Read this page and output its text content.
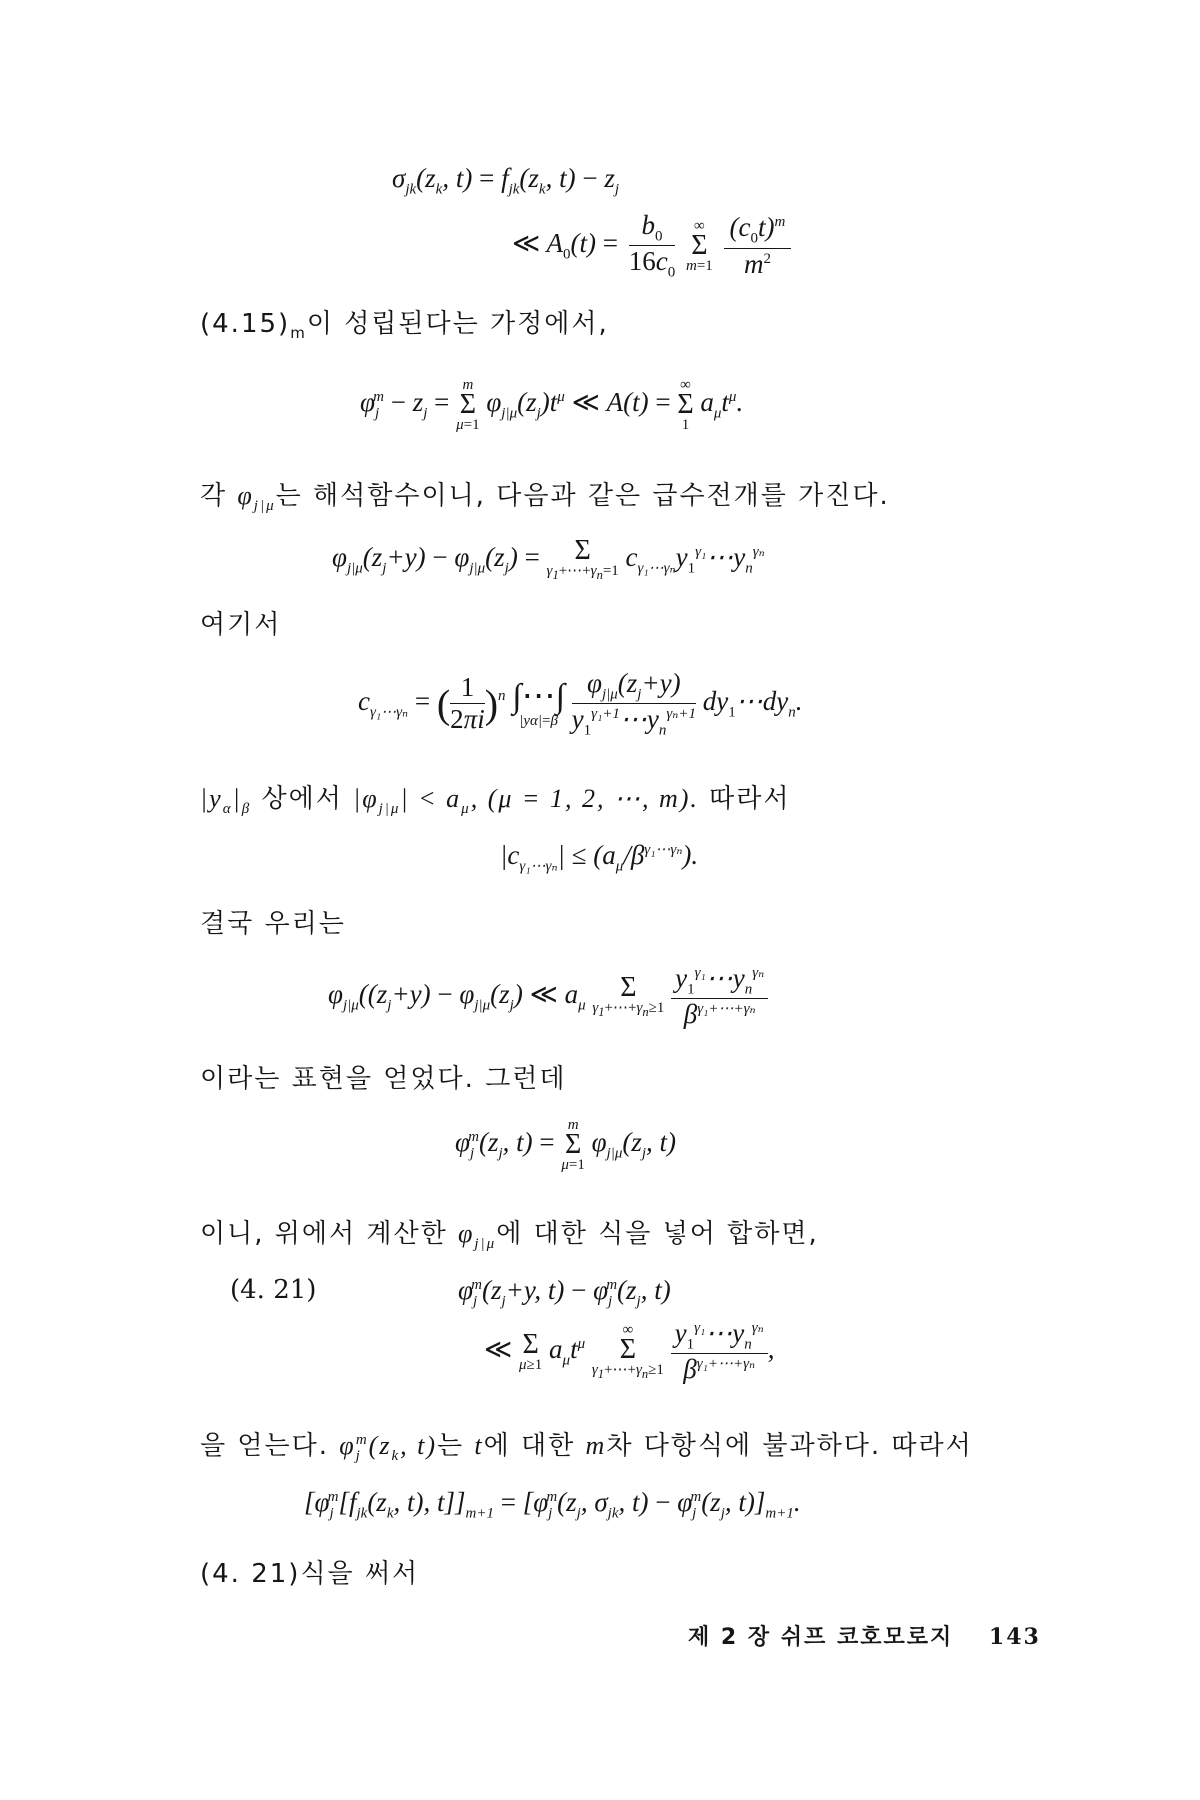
$\sigma_{jk}(z_k$, $t) = f_{jk}(z_k$, $t) - z_j$
≪ $A_0(t) = \frac{b_0}{16c_0}$
	∞
Σ
m=1
$\frac{(c_0t)^m}{m^2}$
$(4.15)_m$이 성립된다는 가정에서,
$\varphi_j^m - z_j$ =
m
Σ
μ=1
$\varphi_{j|\mu}(z_j)t^\mu$ ≪ A(t) =
∞
Σ
1
$a_\mu t^\mu$.
각 $\varphi_{j|\mu}$는 해석함수이니, 다음과 같은 급수전개를 가진다.
$\varphi_{j|\mu}(z_j+y) - \varphi_{j|\mu}(z_j)$ =	Σ
$\gamma_1+\cdots+\gamma_n=1$ $c_{\gamma_1\cdots\gamma_n}y_1^{\gamma_1}\cdots y_n^{\gamma_n}$
여기서
$c_{\gamma_1\cdots\gamma_n}$ = ( $\frac{1}{2\pi i} )^n$ ∫⋯∫
|yα|=β

$\varphi_{j|\mu}(z_j+y)$
$y_1^{\gamma_1+1}\cdots y_n^{\gamma_n+1}$ $dy_1\cdots dy_n$.
$|y_\alpha|_\beta$ 상에서 $|\varphi_{j|\mu}| < a_\mu$, (μ = 1, 2, ⋯, m). 따라서
$|c_{\gamma_1\cdots\gamma_n}| \le (a_\mu/\beta^{\gamma_1\cdots\gamma_n})$.
결국 우리는
$\varphi_{j|\mu}((z_j+y) - \varphi_{j|\mu}(z_j)$ ≪ $a_\mu$
Σ
$\gamma_1+\cdots+\gamma_n\ge 1$

$y_1^{\gamma_1}\cdots y_n^{\gamma_n}$
$\beta^{\gamma_1+\cdots+\gamma_n}$
이라는 표현을 얻었다. 그런데
$\varphi_j^m(z_j$, t) =
m
Σ
μ=1
$\varphi_{j|\mu}(z_j$, t)
이니, 위에서 계산한 $\varphi_{j|\mu}$에 대한 식을 넣어 합하면,
(4. 21)	$\varphi_j^m(z_j+y$, $t) - \varphi_j^m(z_j$, t)
≪ Σ
μ≥1
$a_\mu t^\mu$
∞
Σ
$\gamma_1+\cdots+\gamma_n\ge 1$

$y_1^{\gamma_1}\cdots y_n^{\gamma_n}$
$\beta^{\gamma_1+\cdots+\gamma_n}$
,
을 얻는다. $\varphi_j^m(z_k$, t)는 t에 대한 m차 다항식에 불과하다. 따라서
[$\varphi_j^m[f_{jk}(z_k$, t), $t]]_{m+1} = [\varphi_j^m(z_j$, $\sigma_{jk}$, $t) - \varphi_j^m(z_j$, $t)]_{m+1}$.
(4. 21)식을 써서
제 2 장 쉬프 코호모로지 143
